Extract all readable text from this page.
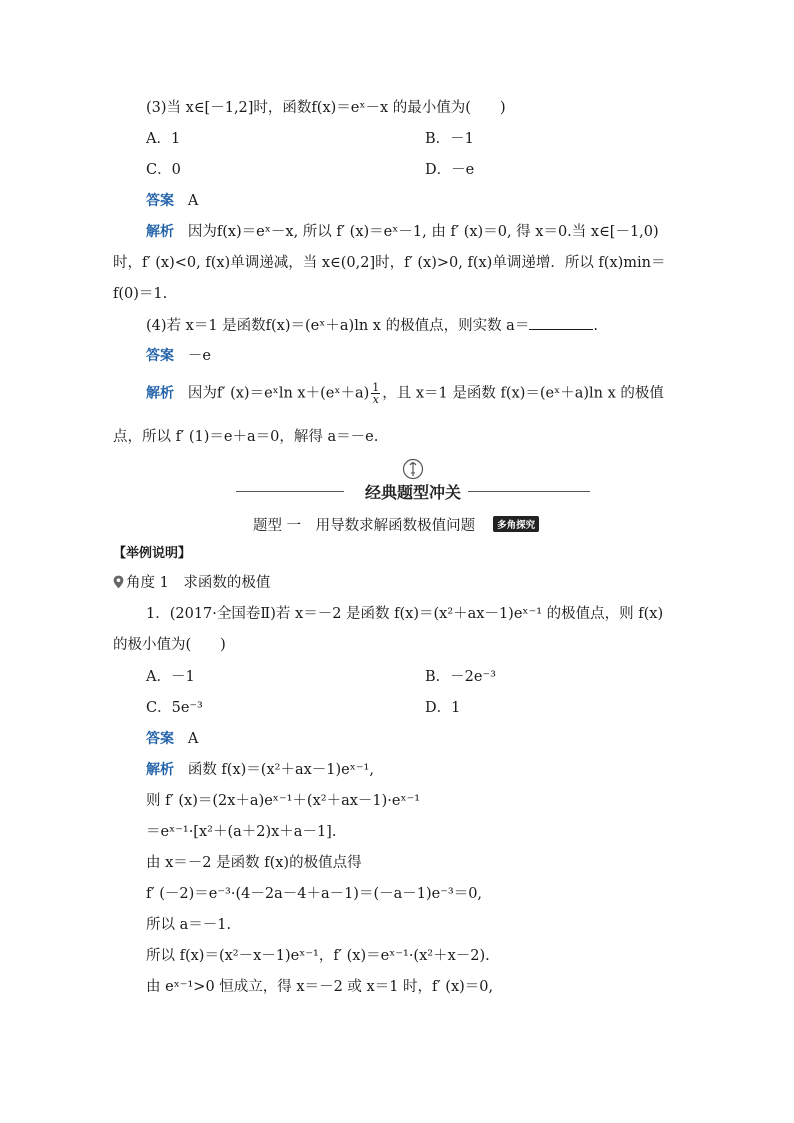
(3)当 x∈[－1,2]时，函数f(x)＝eˣ－x 的最小值为(　　)
A．1	B．－1
C．0	D．－e
答案 A
解析 因为f(x)＝eˣ－x, 所以 f′ (x)＝eˣ－1, 由 f′ (x)＝0, 得 x＝0.当 x∈[－1,0)
时，f′ (x)<0, f(x)单调递减，当 x∈(0,2]时，f′ (x)>0, f(x)单调递增．所以 f(x)min＝
f(0)＝1.
(4)若 x＝1 是函数f(x)＝(eˣ＋a)ln x 的极值点，则实数 a＝	.
答案 －e
解析 因为f′ (x)＝eˣln x＋(eˣ＋a) $\frac{1}{x}$ ，且 x＝1 是函数 f(x)＝(eˣ＋a)ln x 的极值
点，所以 f′ (1)＝e＋a＝0，解得 a＝－e.
经典题型冲关
题型 一　用导数求解函数极值问题 多角探究
【举例说明】
角度 1　求函数的极值
1．(2017·全国卷Ⅱ)若 x＝－2 是函数 f(x)＝(x²＋ax－1)eˣ⁻¹ 的极值点，则 f(x)
的极小值为(　　)
A．－1	B．－2e⁻³
C．5e⁻³	D．1
答案 A
解析 函数 f(x)＝(x²＋ax－1)eˣ⁻¹,
则 f′ (x)＝(2x＋a)eˣ⁻¹＋(x²＋ax－1)·eˣ⁻¹
＝eˣ⁻¹·[x²＋(a＋2)x＋a－1].
由 x＝－2 是函数 f(x)的极值点得
f′ (－2)＝e⁻³·(4－2a－4＋a－1)＝(－a－1)e⁻³＝0,
所以 a＝－1.
所以 f(x)＝(x²－x－1)eˣ⁻¹，f′ (x)＝eˣ⁻¹·(x²＋x－2).
由 eˣ⁻¹>0 恒成立，得 x＝－2 或 x＝1 时，f′ (x)＝0,
